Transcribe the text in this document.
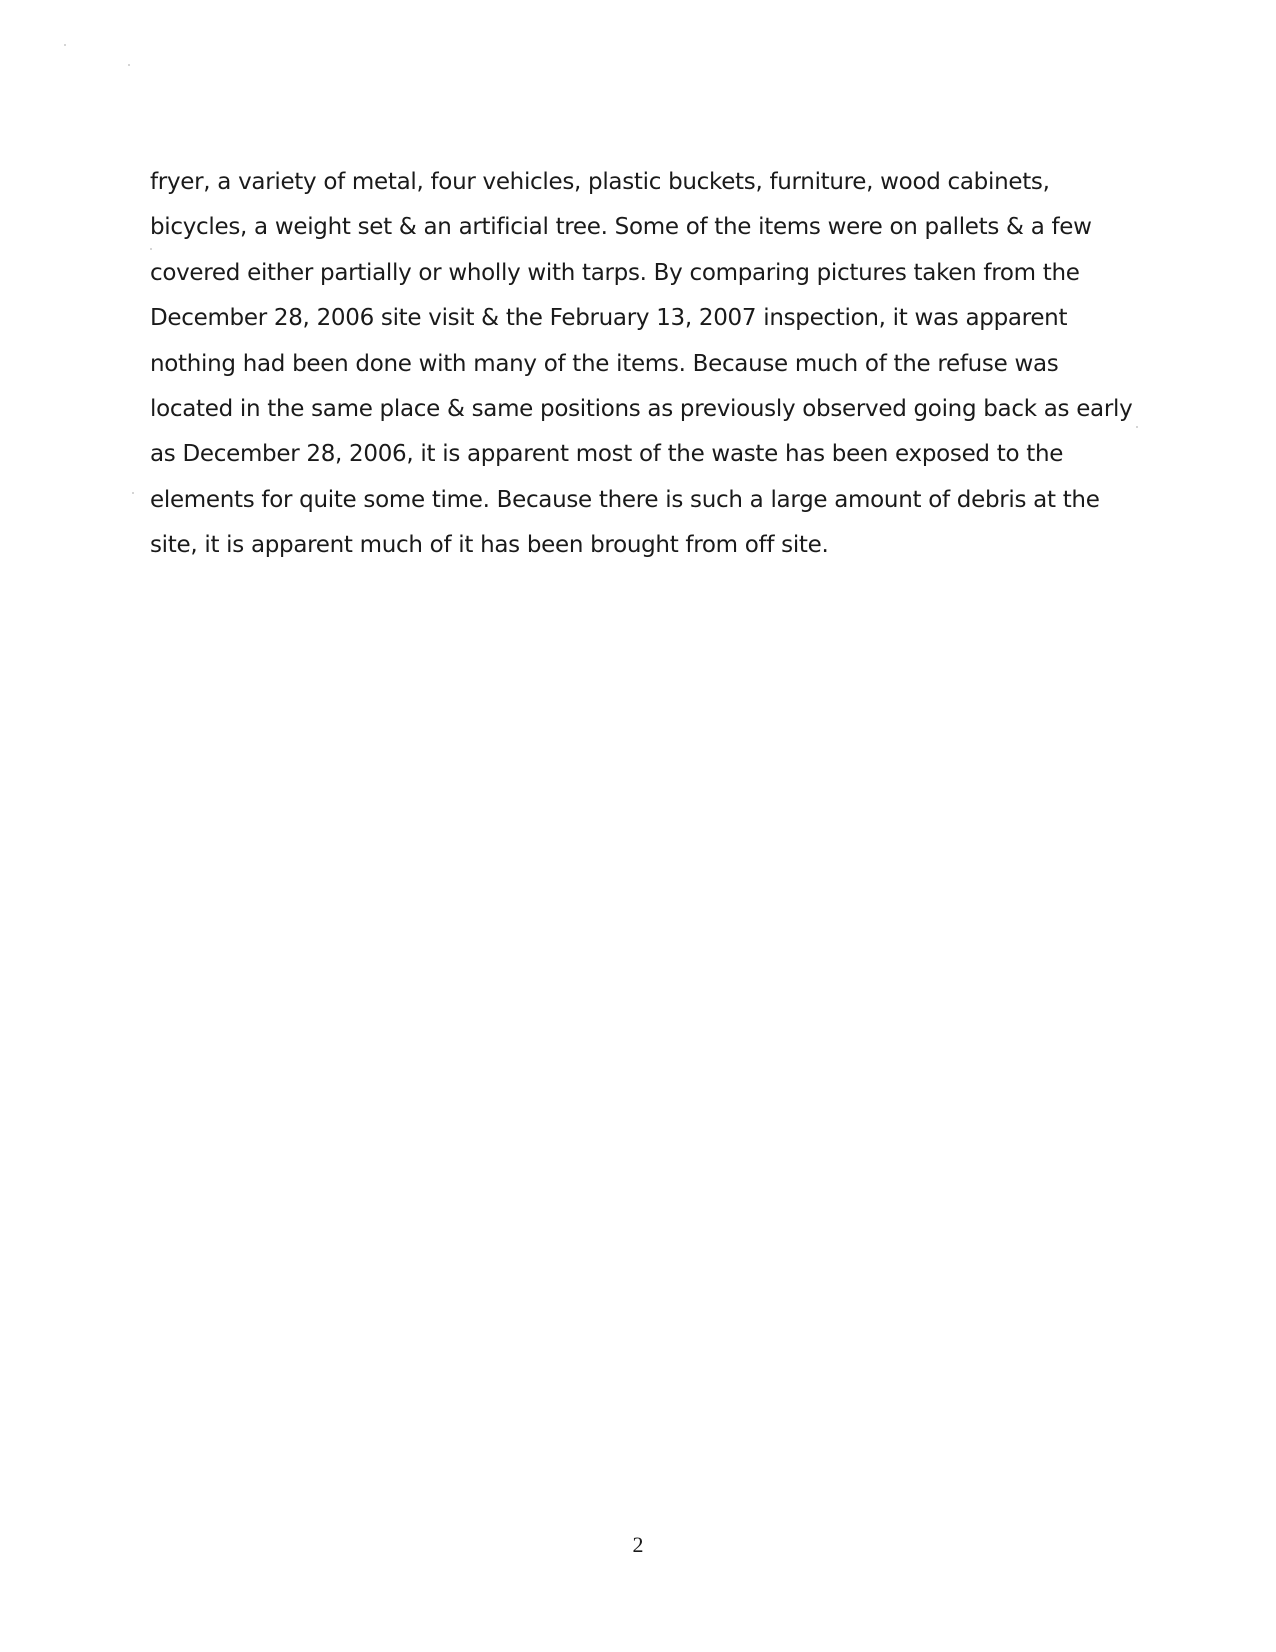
fryer, a variety of metal, four vehicles, plastic buckets, furniture, wood cabinets,
bicycles, a weight set & an artificial tree. Some of the items were on pallets & a few
covered either partially or wholly with tarps. By comparing pictures taken from the
December 28, 2006 site visit & the February 13, 2007 inspection, it was apparent
nothing had been done with many of the items. Because much of the refuse was
located in the same place & same positions as previously observed going back as early
as December 28, 2006, it is apparent most of the waste has been exposed to the
elements for quite some time. Because there is such a large amount of debris at the
site, it is apparent much of it has been brought from off site.
2
